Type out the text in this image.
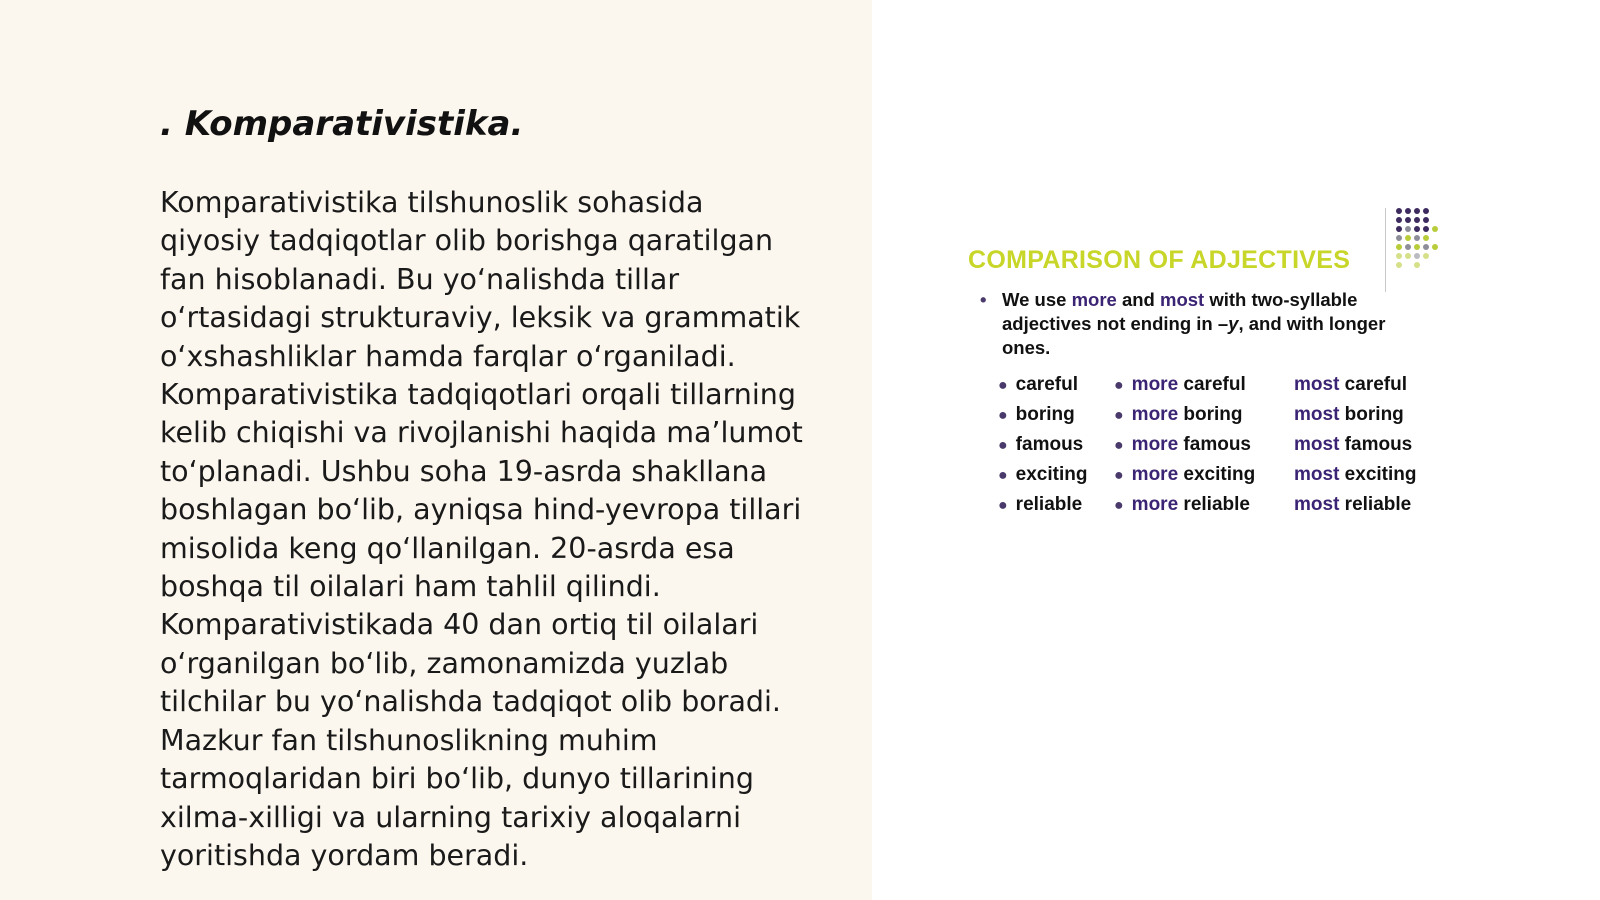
. Komparativistika.
Komparativistika tilshunoslik sohasida
qiyosiy tadqiqotlar olib borishga qaratilgan
fan hisoblanadi. Bu yo‘nalishda tillar
o‘rtasidagi strukturaviy, leksik va grammatik
o‘xshashliklar hamda farqlar o‘rganiladi.
Komparativistika tadqiqotlari orqali tillarning
kelib chiqishi va rivojlanishi haqida ma’lumot
to‘planadi. Ushbu soha 19-asrda shakllana
boshlagan bo‘lib, ayniqsa hind-yevropa tillari
misolida keng qo‘llanilgan. 20-asrda esa
boshqa til oilalari ham tahlil qilindi.
Komparativistikada 40 dan ortiq til oilalari
o‘rganilgan bo‘lib, zamonamizda yuzlab
tilchilar bu yo‘nalishda tadqiqot olib boradi.
Mazkur fan tilshunoslikning muhim
tarmoqlaridan biri bo‘lib, dunyo tillarining
xilma-xilligi va ularning tarixiy aloqalarni
yoritishda yordam beradi.
COMPARISON OF ADJECTIVES
• We use more and most with two-syllable
adjectives not ending in –y, and with longer
ones.
● careful ● more careful	most careful
● boring ● more boring	most boring
● famous ● more famous most famous
● exciting ● more exciting most exciting
● reliable ● more reliable most reliable
